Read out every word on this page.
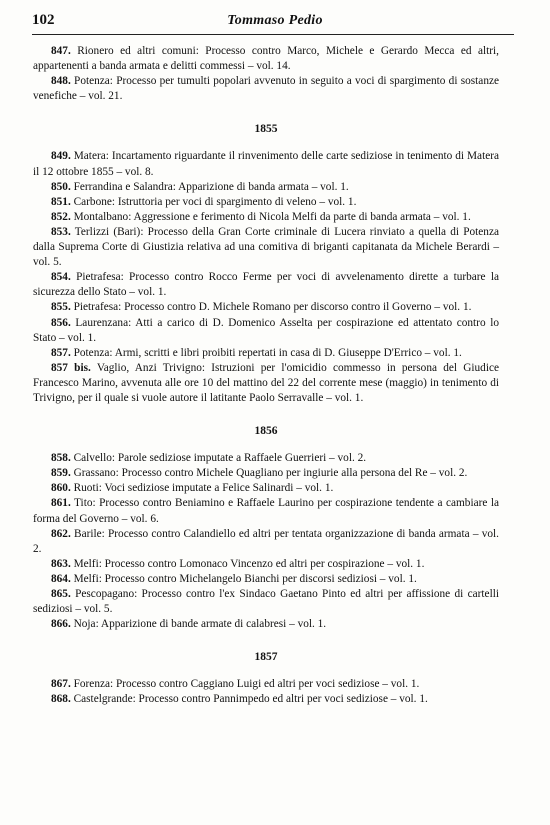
102	Tommaso Pedio

847. Rionero ed altri comuni: Processo contro Marco, Michele e Gerardo Mecca ed altri, appartenenti a banda armata e delitti commessi – vol. 14.

848. Potenza: Processo per tumulti popolari avvenuto in seguito a voci di spargimento di sostanze venefiche – vol. 21.

1855

849. Matera: Incartamento riguardante il rinvenimento delle carte sediziose in tenimento di Matera il 12 ottobre 1855 – vol. 8.

850. Ferrandina e Salandra: Apparizione di banda armata – vol. 1.

851. Carbone: Istruttoria per voci di spargimento di veleno – vol. 1.

852. Montalbano: Aggressione e ferimento di Nicola Melfi da parte di banda armata – vol. 1.

853. Terlizzi (Bari): Processo della Gran Corte criminale di Lucera rinviato a quella di Potenza dalla Suprema Corte di Giustizia relativa ad una comitiva di briganti capitanata da Michele Berardi – vol. 5.

854. Pietrafesa: Processo contro Rocco Ferme per voci di avvelenamento dirette a turbare la sicurezza dello Stato – vol. 1.

855. Pietrafesa: Processo contro D. Michele Romano per discorso contro il Governo – vol. 1.

856. Laurenzana: Atti a carico di D. Domenico Asselta per cospirazione ed attentato contro lo Stato – vol. 1.

857. Potenza: Armi, scritti e libri proibiti repertati in casa di D. Giuseppe D'Errico – vol. 1.

857 bis. Vaglio, Anzi Trivigno: Istruzioni per l'omicidio commesso in persona del Giudice Francesco Marino, avvenuta alle ore 10 del mattino del 22 del corrente mese (maggio) in tenimento di Trivigno, per il quale si vuole autore il latitante Paolo Serravalle – vol. 1.

1856

858. Calvello: Parole sediziose imputate a Raffaele Guerrieri – vol. 2.

859. Grassano: Processo contro Michele Quagliano per ingiurie alla persona del Re – vol. 2.

860. Ruoti: Voci sediziose imputate a Felice Salinardi – vol. 1.

861. Tito: Processo contro Beniamino e Raffaele Laurino per cospirazione tendente a cambiare la forma del Governo – vol. 6.

862. Barile: Processo contro Calandiello ed altri per tentata organizzazione di banda armata – vol. 2.

863. Melfi: Processo contro Lomonaco Vincenzo ed altri per cospirazione – vol. 1.

864. Melfi: Processo contro Michelangelo Bianchi per discorsi sediziosi – vol. 1.

865. Pescopagano: Processo contro l'ex Sindaco Gaetano Pinto ed altri per affissione di cartelli sediziosi – vol. 5.

866. Noja: Apparizione di bande armate di calabresi – vol. 1.

1857

867. Forenza: Processo contro Caggiano Luigi ed altri per voci sediziose – vol. 1.

868. Castelgrande: Processo contro Pannimpedo ed altri per voci sediziose – vol. 1.
